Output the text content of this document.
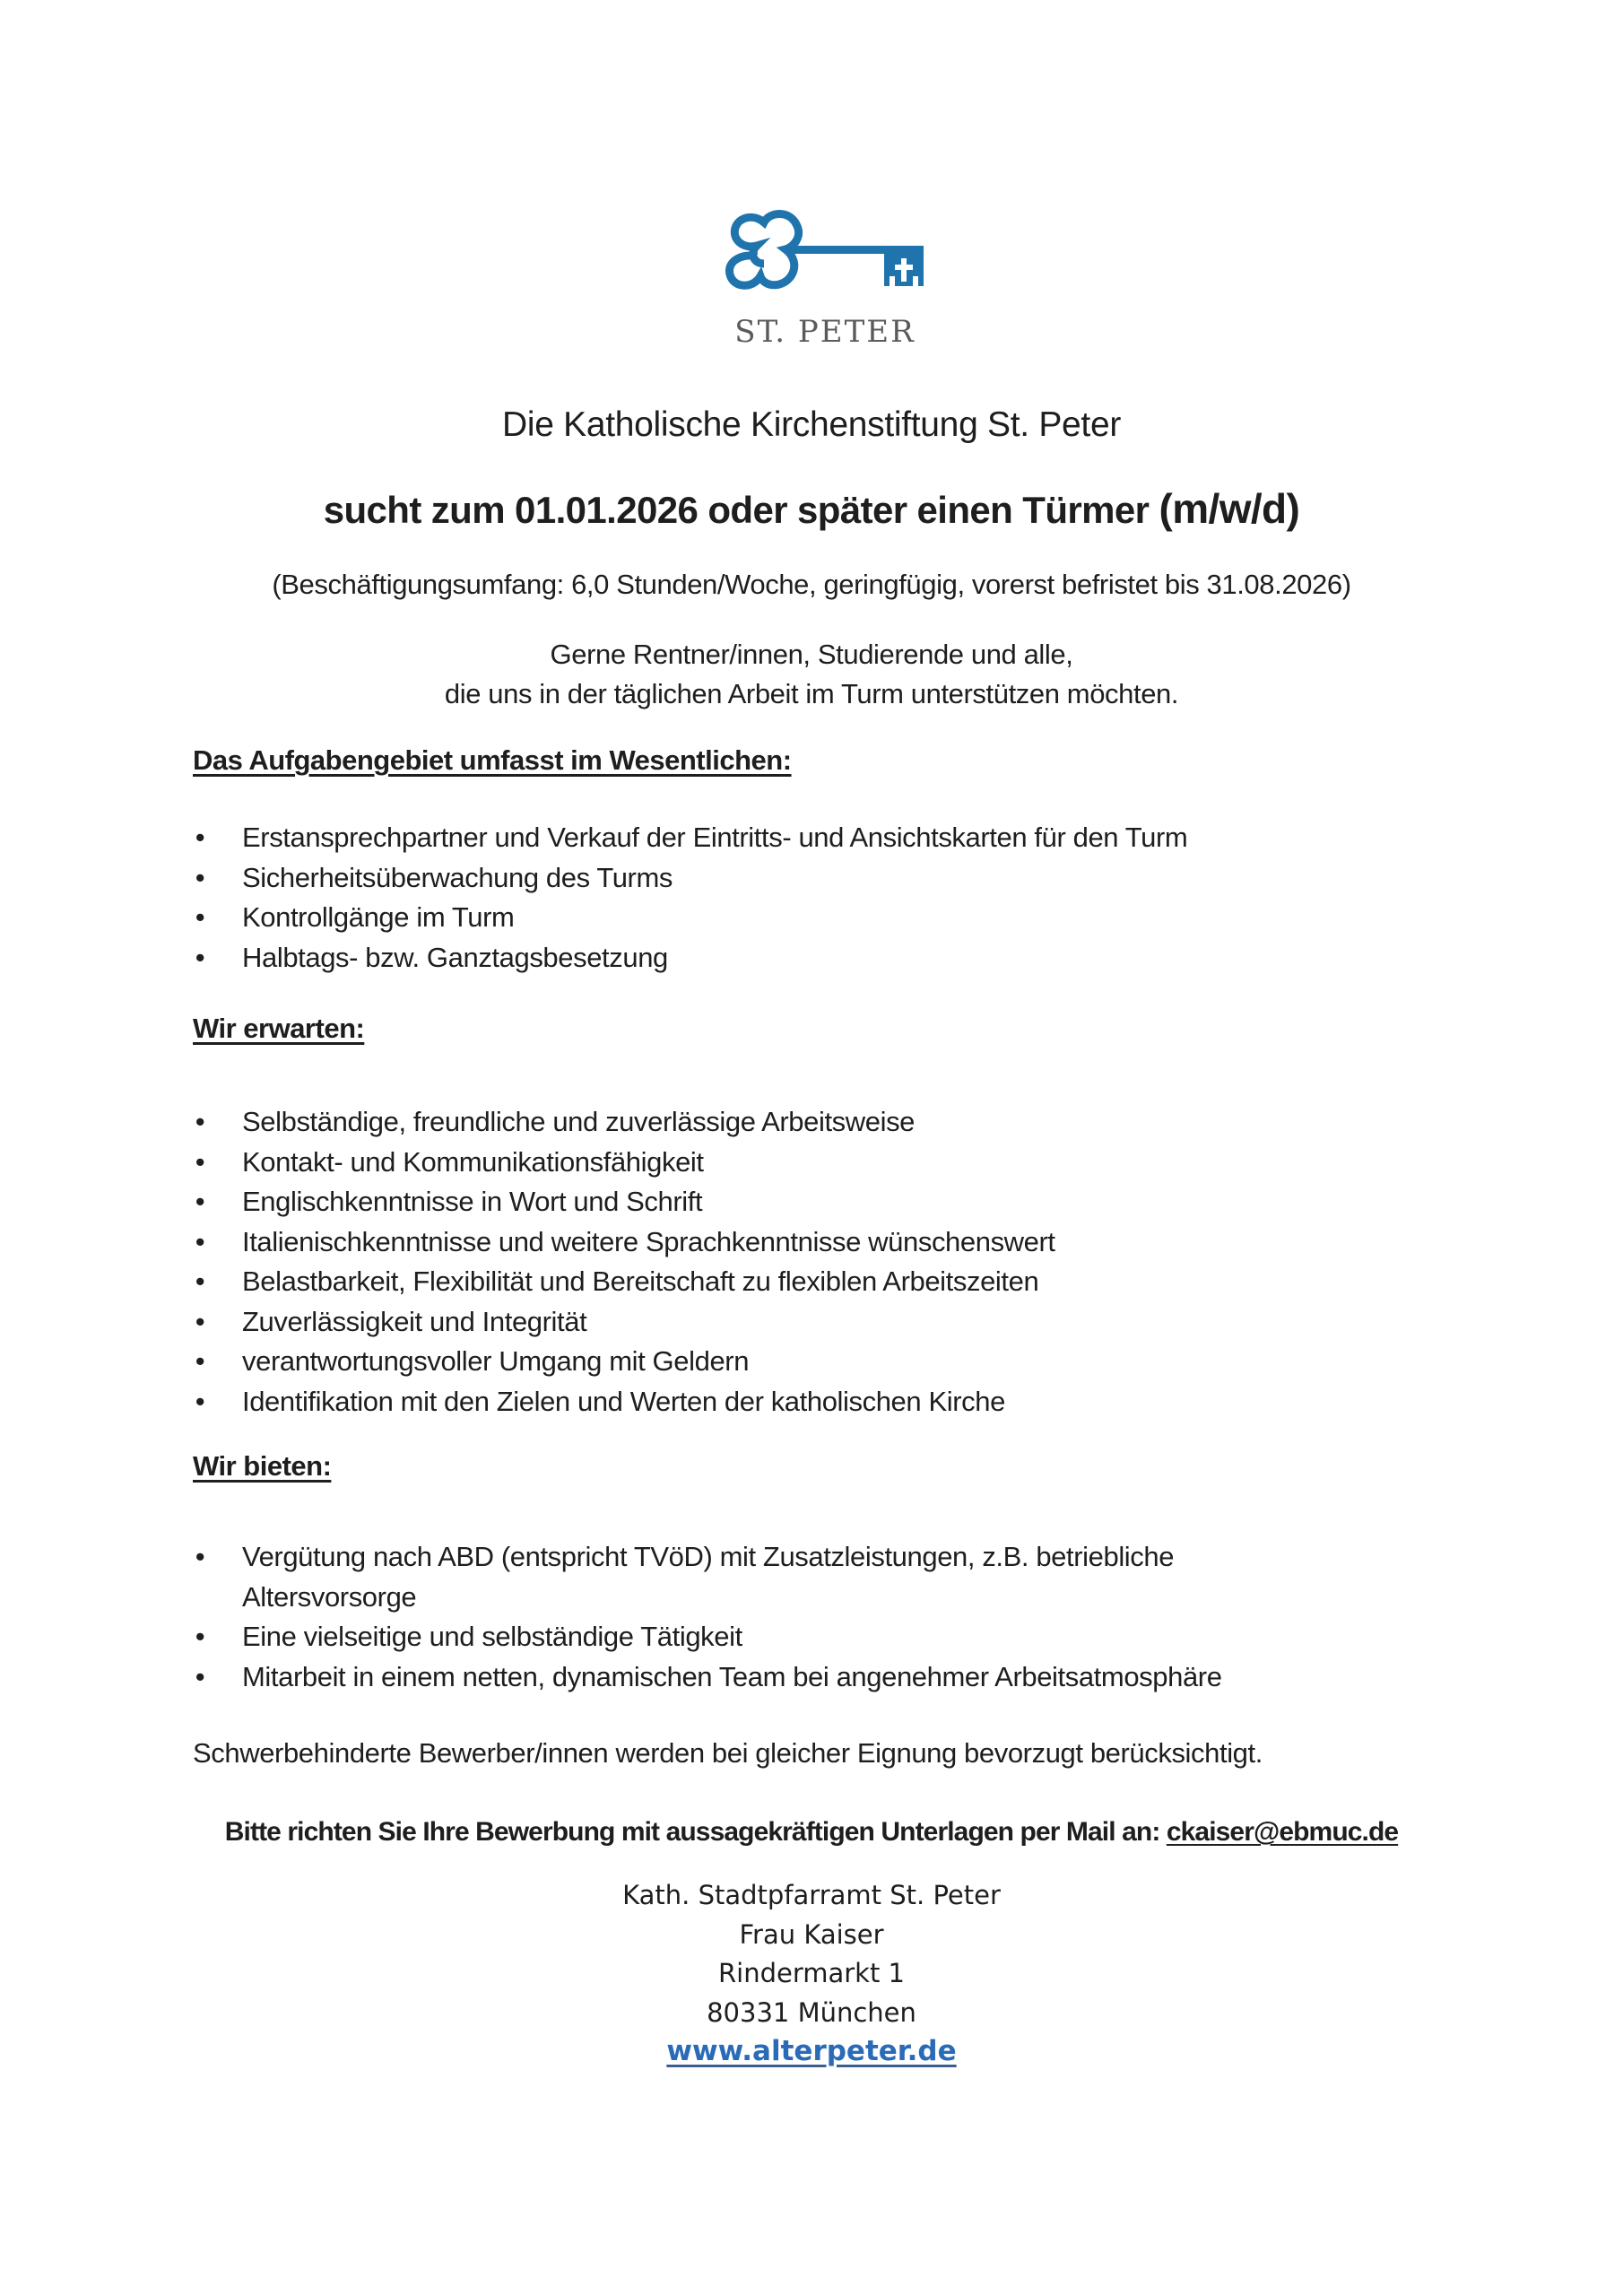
ST. PETER
Die Katholische Kirchenstiftung St. Peter
sucht zum 01.01.2026 oder später einen Türmer (m/w/d)
(Beschäftigungsumfang: 6,0 Stunden/Woche, geringfügig, vorerst befristet bis 31.08.2026)
Gerne Rentner/innen, Studierende und alle,
die uns in der täglichen Arbeit im Turm unterstützen möchten.
Das Aufgabengebiet umfasst im Wesentlichen:
•	Erstansprechpartner und Verkauf der Eintritts- und Ansichtskarten für den Turm
•	Sicherheitsüberwachung des Turms
•	Kontrollgänge im Turm
•	Halbtags- bzw. Ganztagsbesetzung
Wir erwarten:
•	Selbständige, freundliche und zuverlässige Arbeitsweise
•	Kontakt- und Kommunikationsfähigkeit
•	Englischkenntnisse in Wort und Schrift
•	Italienischkenntnisse und weitere Sprachkenntnisse wünschenswert
•	Belastbarkeit, Flexibilität und Bereitschaft zu flexiblen Arbeitszeiten
•	Zuverlässigkeit und Integrität
•	verantwortungsvoller Umgang mit Geldern
•	Identifikation mit den Zielen und Werten der katholischen Kirche
Wir bieten:
•	Vergütung nach ABD (entspricht TVöD) mit Zusatzleistungen, z.B. betriebliche Altersvorsorge
•	Eine vielseitige und selbständige Tätigkeit
•	Mitarbeit in einem netten, dynamischen Team bei angenehmer Arbeitsatmosphäre
Schwerbehinderte Bewerber/innen werden bei gleicher Eignung bevorzugt berücksichtigt.
Bitte richten Sie Ihre Bewerbung mit aussagekräftigen Unterlagen per Mail an: ckaiser@ebmuc.de
Kath. Stadtpfarramt St. Peter
Frau Kaiser
Rindermarkt 1
80331 München
www.alterpeter.de
